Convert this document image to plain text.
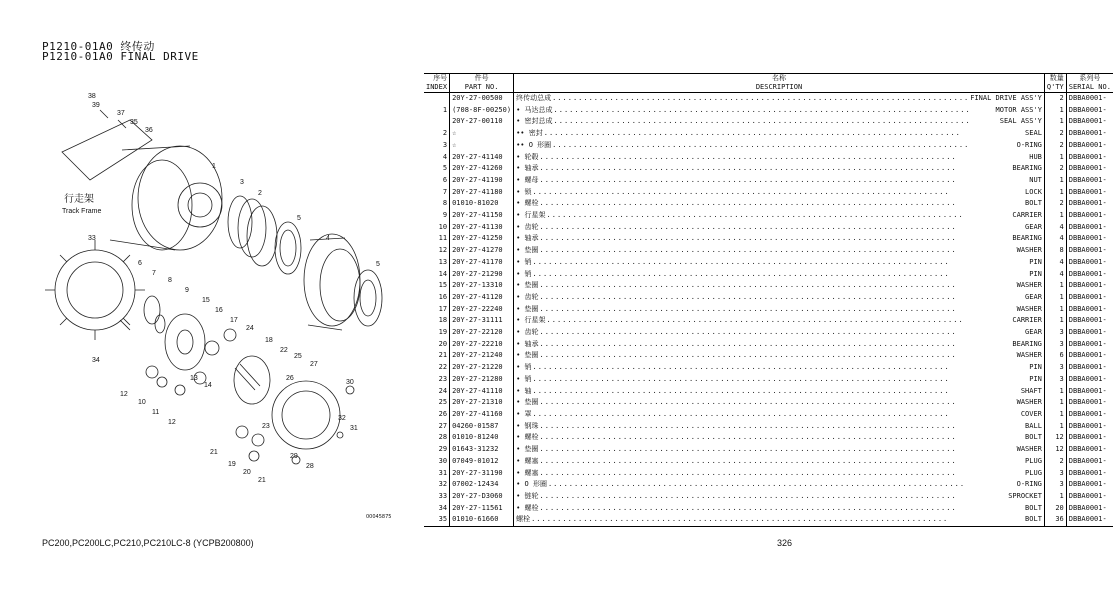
P1210-01A0 终传动
P1210-01A0 FINAL DRIVE
38
39
37
35
36
1
3
2
5
4
5
33
6
7
8
9
15
16
17
24
18
22
25
27
34
14
13
12
10
11
12
30
32
31
21
19
20
21
29
28
23
26
行走架
Track Frame
00045875
序号	件号	名称	数量	系列号
INDEX	PART NO.	DESCRIPTION	Q'TY	SERIAL NO.
	20Y-27-00500	终传动总成 ..... FINAL DRIVE ASS'Y	2	DBBA0001-
1	(708-8F-00250)	• 马达总成 ..... MOTOR ASS'Y	1	DBBA0001-
	20Y-27-00110	• 密封总成 ..... SEAL ASS'Y	1	DBBA0001-
2	☆	•• 密封 ..... SEAL	2	DBBA0001-
3	☆	•• O 形圈 ..... O-RING	2	DBBA0001-
4	20Y-27-41140	• 轮毂 ..... HUB	1	DBBA0001-
5	20Y-27-41260	• 轴承 ..... BEARING	2	DBBA0001-
6	20Y-27-41190	• 螺母 ..... NUT	1	DBBA0001-
7	20Y-27-41180	• 锁 ..... LOCK	1	DBBA0001-
8	01010-81020	• 螺栓 ..... BOLT	2	DBBA0001-
9	20Y-27-41150	• 行星架 ..... CARRIER	1	DBBA0001-
10	20Y-27-41130	• 齿轮 ..... GEAR	4	DBBA0001-
11	20Y-27-41250	• 轴承 ..... BEARING	4	DBBA0001-
12	20Y-27-41270	• 垫圈 ..... WASHER	8	DBBA0001-
13	20Y-27-41170	• 销 ..... PIN	4	DBBA0001-
14	20Y-27-21290	• 销 ..... PIN	4	DBBA0001-
15	20Y-27-13310	• 垫圈 ..... WASHER	1	DBBA0001-
16	20Y-27-41120	• 齿轮 ..... GEAR	1	DBBA0001-
17	20Y-27-22240	• 垫圈 ..... WASHER	1	DBBA0001-
18	20Y-27-31111	• 行星架 ..... CARRIER	1	DBBA0001-
19	20Y-27-22120	• 齿轮 ..... GEAR	3	DBBA0001-
20	20Y-27-22210	• 轴承 ..... BEARING	3	DBBA0001-
21	20Y-27-21240	• 垫圈 ..... WASHER	6	DBBA0001-
22	20Y-27-21220	• 销 ..... PIN	3	DBBA0001-
23	20Y-27-21280	• 销 ..... PIN	3	DBBA0001-
24	20Y-27-41110	• 轴 ..... SHAFT	1	DBBA0001-
25	20Y-27-21310	• 垫圈 ..... WASHER	1	DBBA0001-
26	20Y-27-41160	• 罩 ..... COVER	1	DBBA0001-
27	04260-01587	• 钢珠 ..... BALL	1	DBBA0001-
28	01010-81240	• 螺栓 ..... BOLT	12	DBBA0001-
29	01643-31232	• 垫圈 ..... WASHER	12	DBBA0001-
30	07049-01012	• 螺塞 ..... PLUG	2	DBBA0001-
31	20Y-27-31190	• 螺塞 ..... PLUG	3	DBBA0001-
32	07002-12434	• O 形圈 ..... O-RING	3	DBBA0001-
33	20Y-27-D3060	• 链轮 ..... SPROCKET	1	DBBA0001-
34	20Y-27-11561	• 螺栓 ..... BOLT	20	DBBA0001-
35	01010-61660	螺栓 ..... BOLT	36	DBBA0001-
PC200,PC200LC,PC210,PC210LC-8 (YCPB200800)	326
